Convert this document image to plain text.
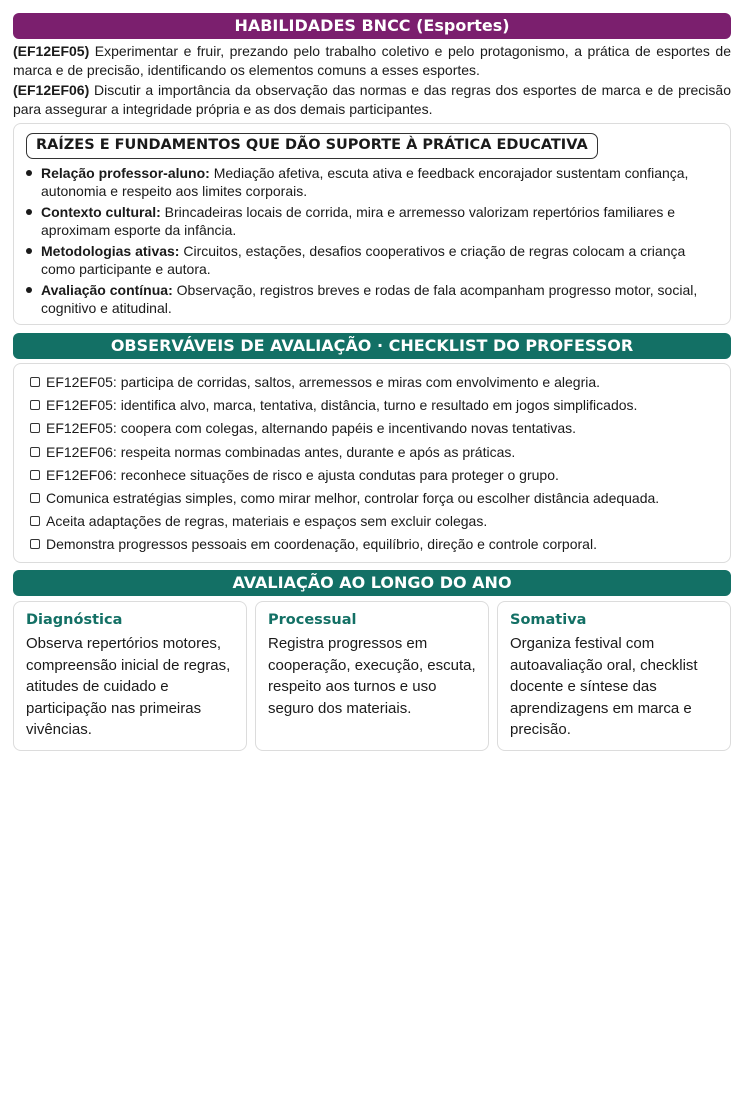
HABILIDADES BNCC (Esportes)

(EF12EF05) Experimentar e fruir, prezando pelo trabalho coletivo e pelo protagonismo, a prática de esportes de marca e de precisão, identificando os elementos comuns a esses esportes.

(EF12EF06) Discutir a importância da observação das normas e das regras dos esportes de marca e de precisão para assegurar a integridade própria e as dos demais participantes.

RAÍZES E FUNDAMENTOS QUE DÃO SUPORTE À PRÁTICA EDUCATIVA
Relação professor-aluno: Mediação afetiva, escuta ativa e feedback encorajador sustentam confiança, autonomia e respeito aos limites corporais.
Contexto cultural: Brincadeiras locais de corrida, mira e arremesso valorizam repertórios familiares e aproximam esporte da infância.
Metodologias ativas: Circuitos, estações, desafios cooperativos e criação de regras colocam a criança como participante e autora.
Avaliação contínua: Observação, registros breves e rodas de fala acompanham progresso motor, social, cognitivo e atitudinal.
OBSERVÁVEIS DE AVALIAÇÃO · CHECKLIST DO PROFESSOR
EF12EF05: participa de corridas, saltos, arremessos e miras com envolvimento e alegria.
EF12EF05: identifica alvo, marca, tentativa, distância, turno e resultado em jogos simplificados.
EF12EF05: coopera com colegas, alternando papéis e incentivando novas tentativas.
EF12EF06: respeita normas combinadas antes, durante e após as práticas.
EF12EF06: reconhece situações de risco e ajusta condutas para proteger o grupo.
Comunica estratégias simples, como mirar melhor, controlar força ou escolher distância adequada.
Aceita adaptações de regras, materiais e espaços sem excluir colegas.
Demonstra progressos pessoais em coordenação, equilíbrio, direção e controle corporal.
AVALIAÇÃO AO LONGO DO ANO
Diagnóstica

Observa repertórios motores, compreensão inicial de regras, atitudes de cuidado e participação nas primeiras vivências.

Processual

Registra progressos em cooperação, execução, escuta, respeito aos turnos e uso seguro dos materiais.

Somativa

Organiza festival com autoavaliação oral, checklist docente e síntese das aprendizagens em marca e precisão.
